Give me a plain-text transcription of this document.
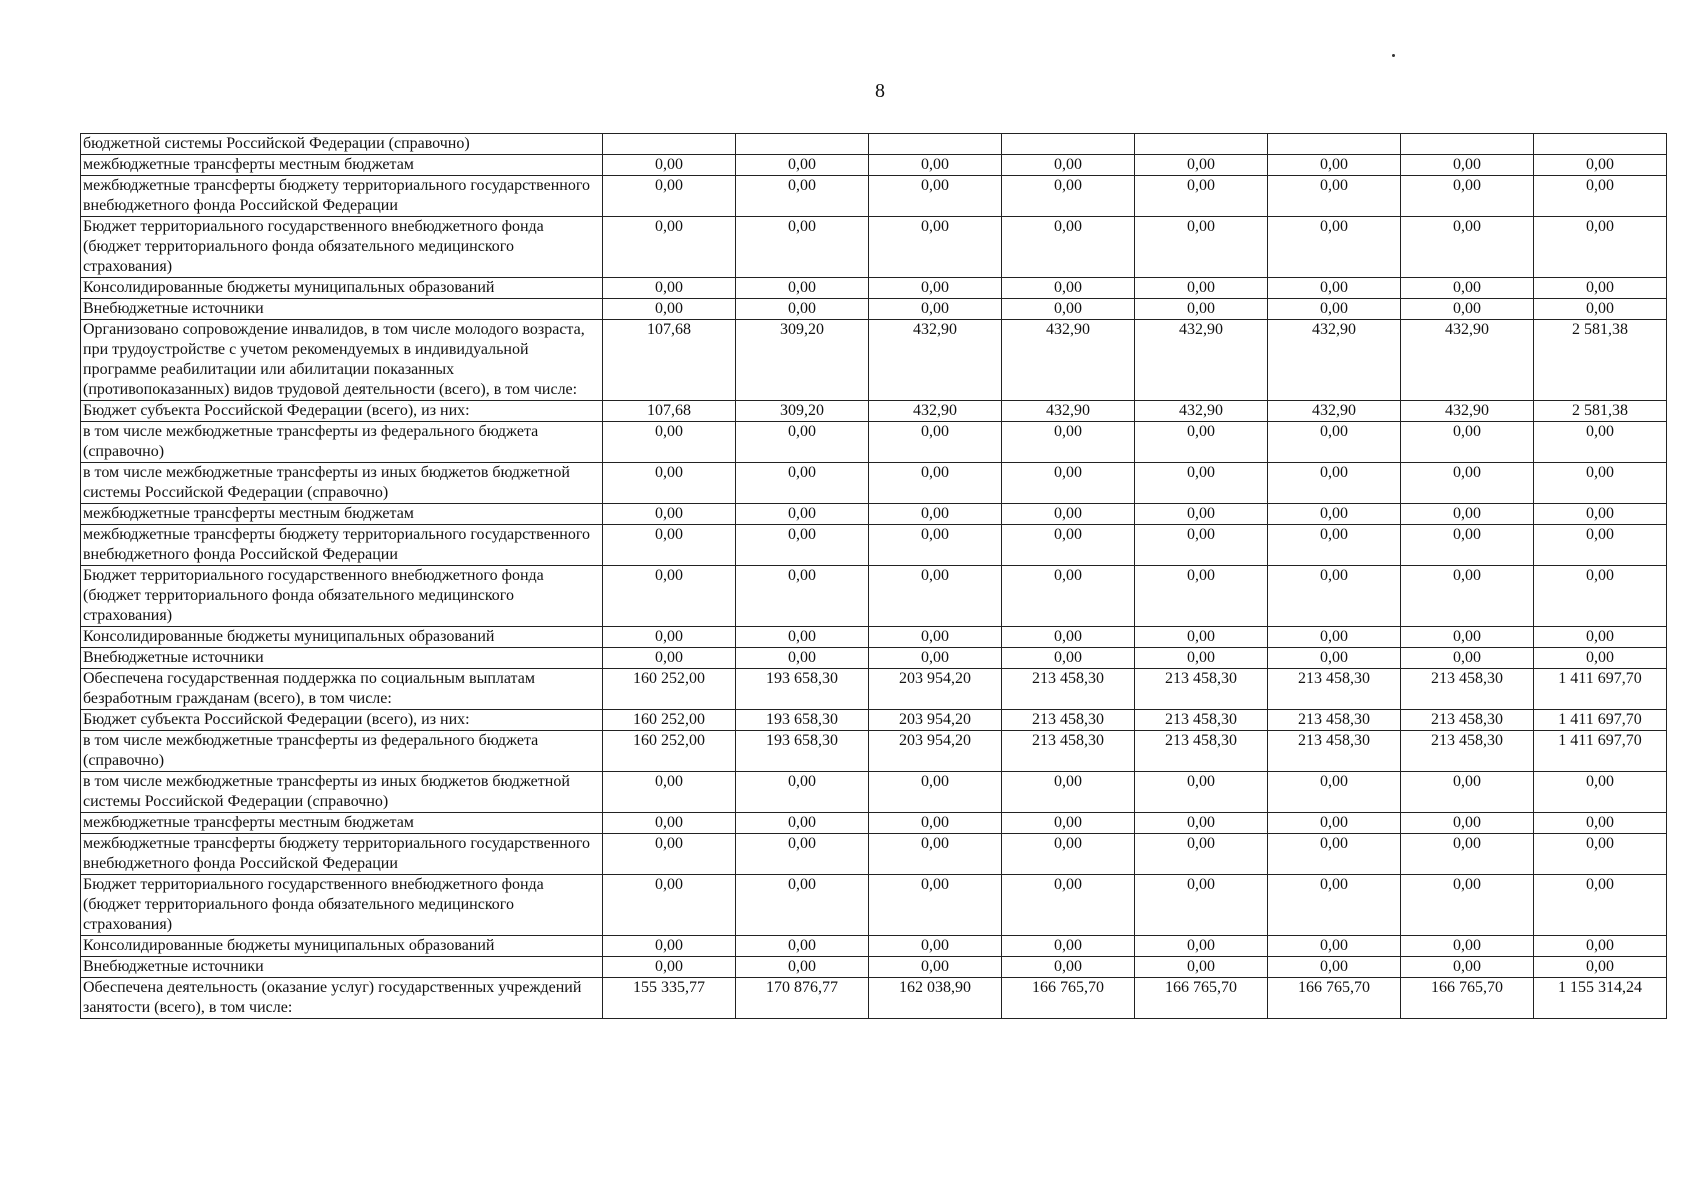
8
бюджетной системы Российской Федерации (справочно)								
межбюджетные трансферты местным бюджетам	0,00	0,00	0,00	0,00	0,00	0,00	0,00	0,00
межбюджетные трансферты бюджету территориального государственного внебюджетного фонда Российской Федерации	0,00	0,00	0,00	0,00	0,00	0,00	0,00	0,00
Бюджет территориального государственного внебюджетного фонда (бюджет территориального фонда обязательного медицинского страхования)	0,00	0,00	0,00	0,00	0,00	0,00	0,00	0,00
Консолидированные бюджеты муниципальных образований	0,00	0,00	0,00	0,00	0,00	0,00	0,00	0,00
Внебюджетные источники	0,00	0,00	0,00	0,00	0,00	0,00	0,00	0,00
Организовано сопровождение инвалидов, в том числе молодого возраста, при трудоустройстве с учетом рекомендуемых в индивидуальной программе реабилитации или абилитации показанных (противопоказанных) видов трудовой деятельности (всего), в том числе:	107,68	309,20	432,90	432,90	432,90	432,90	432,90	2 581,38
Бюджет субъекта Российской Федерации (всего), из них:	107,68	309,20	432,90	432,90	432,90	432,90	432,90	2 581,38
в том числе межбюджетные трансферты из федерального бюджета (справочно)	0,00	0,00	0,00	0,00	0,00	0,00	0,00	0,00
в том числе межбюджетные трансферты из иных бюджетов бюджетной системы Российской Федерации (справочно)	0,00	0,00	0,00	0,00	0,00	0,00	0,00	0,00
межбюджетные трансферты местным бюджетам	0,00	0,00	0,00	0,00	0,00	0,00	0,00	0,00
межбюджетные трансферты бюджету территориального государственного внебюджетного фонда Российской Федерации	0,00	0,00	0,00	0,00	0,00	0,00	0,00	0,00
Бюджет территориального государственного внебюджетного фонда (бюджет территориального фонда обязательного медицинского страхования)	0,00	0,00	0,00	0,00	0,00	0,00	0,00	0,00
Консолидированные бюджеты муниципальных образований	0,00	0,00	0,00	0,00	0,00	0,00	0,00	0,00
Внебюджетные источники	0,00	0,00	0,00	0,00	0,00	0,00	0,00	0,00
Обеспечена государственная поддержка по социальным выплатам безработным гражданам (всего), в том числе:	160 252,00	193 658,30	203 954,20	213 458,30	213 458,30	213 458,30	213 458,30	1 411 697,70
Бюджет субъекта Российской Федерации (всего), из них:	160 252,00	193 658,30	203 954,20	213 458,30	213 458,30	213 458,30	213 458,30	1 411 697,70
в том числе межбюджетные трансферты из федерального бюджета (справочно)	160 252,00	193 658,30	203 954,20	213 458,30	213 458,30	213 458,30	213 458,30	1 411 697,70
в том числе межбюджетные трансферты из иных бюджетов бюджетной системы Российской Федерации (справочно)	0,00	0,00	0,00	0,00	0,00	0,00	0,00	0,00
межбюджетные трансферты местным бюджетам	0,00	0,00	0,00	0,00	0,00	0,00	0,00	0,00
межбюджетные трансферты бюджету территориального государственного внебюджетного фонда Российской Федерации	0,00	0,00	0,00	0,00	0,00	0,00	0,00	0,00
Бюджет территориального государственного внебюджетного фонда (бюджет территориального фонда обязательного медицинского страхования)	0,00	0,00	0,00	0,00	0,00	0,00	0,00	0,00
Консолидированные бюджеты муниципальных образований	0,00	0,00	0,00	0,00	0,00	0,00	0,00	0,00
Внебюджетные источники	0,00	0,00	0,00	0,00	0,00	0,00	0,00	0,00
Обеспечена деятельность (оказание услуг) государственных учреждений занятости (всего), в том числе:	155 335,77	170 876,77	162 038,90	166 765,70	166 765,70	166 765,70	166 765,70	1 155 314,24
